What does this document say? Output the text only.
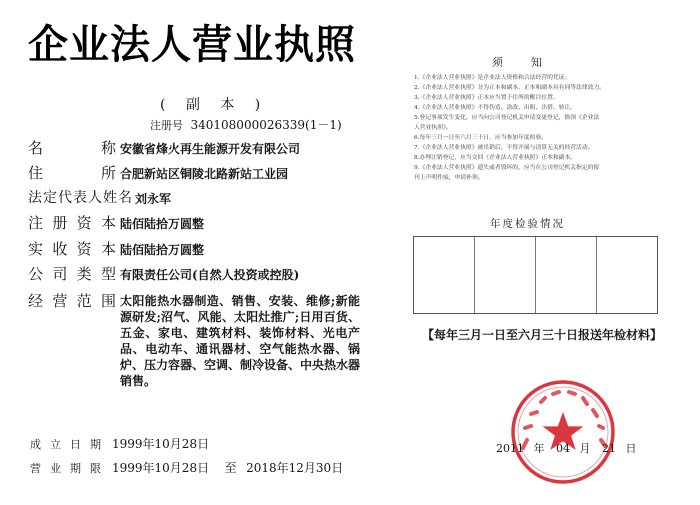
企业法人营业执照
( 副 本 )
注册号 340108000026339(1－1)
名	称 安徽省烽火再生能源开发有限公司
住	所 合肥新站区铜陵北路新站工业园
法 定 代 表 人 姓 名 刘永军
注 册 资 本 陆佰陆拾万圆整
实 收 资 本 陆佰陆拾万圆整
公 司 类 型 有限责任公司(自然人投资或控股)
经 营 范 围 太阳能热水器制造、销售、安装、维修;新能源研发;沼气、风能、太阳灶推广;日用百货、五金、家电、建筑材料、装饰材料、光电产品、电动车、通讯器材、空气能热水器、锅炉、压力容器、空调、制冷设备、中央热水器销售。
成立日期 1999年10月28日
营业期限 1999年10月28日 至 2018年12月30日
须知
1.《企业法人营业执照》是企业法人资格和合法经营的凭证。
2.《企业法人营业执照》分为正本和副本，正本和副本具有同等法律效力。
3.《企业法人营业执照》正本应当置于住所的醒目位置。
4.《企业法人营业执照》不得伪造、涂改、出租、出借、转让。
5.登记事项发生变化，应当向公司登记机关申请变更登记，换领《企业法
人营业执照》。
6.每年三月一日至六月三十日，应当参加年度检验。
7.《企业法人营业执照》被吊销后，不得开展与清算无关的经营活动。
8.办理注销登记，应当交回《企业法人营业执照》正本和副本。
9.《企业法人营业执照》遗失或者毁坏的，应当在公司登记机关指定的报
刊上声明作废，申请补领。
年度检验情况
【每年三月一日至六月三十日报送年检材料】
2011 年 04 月 21 日
